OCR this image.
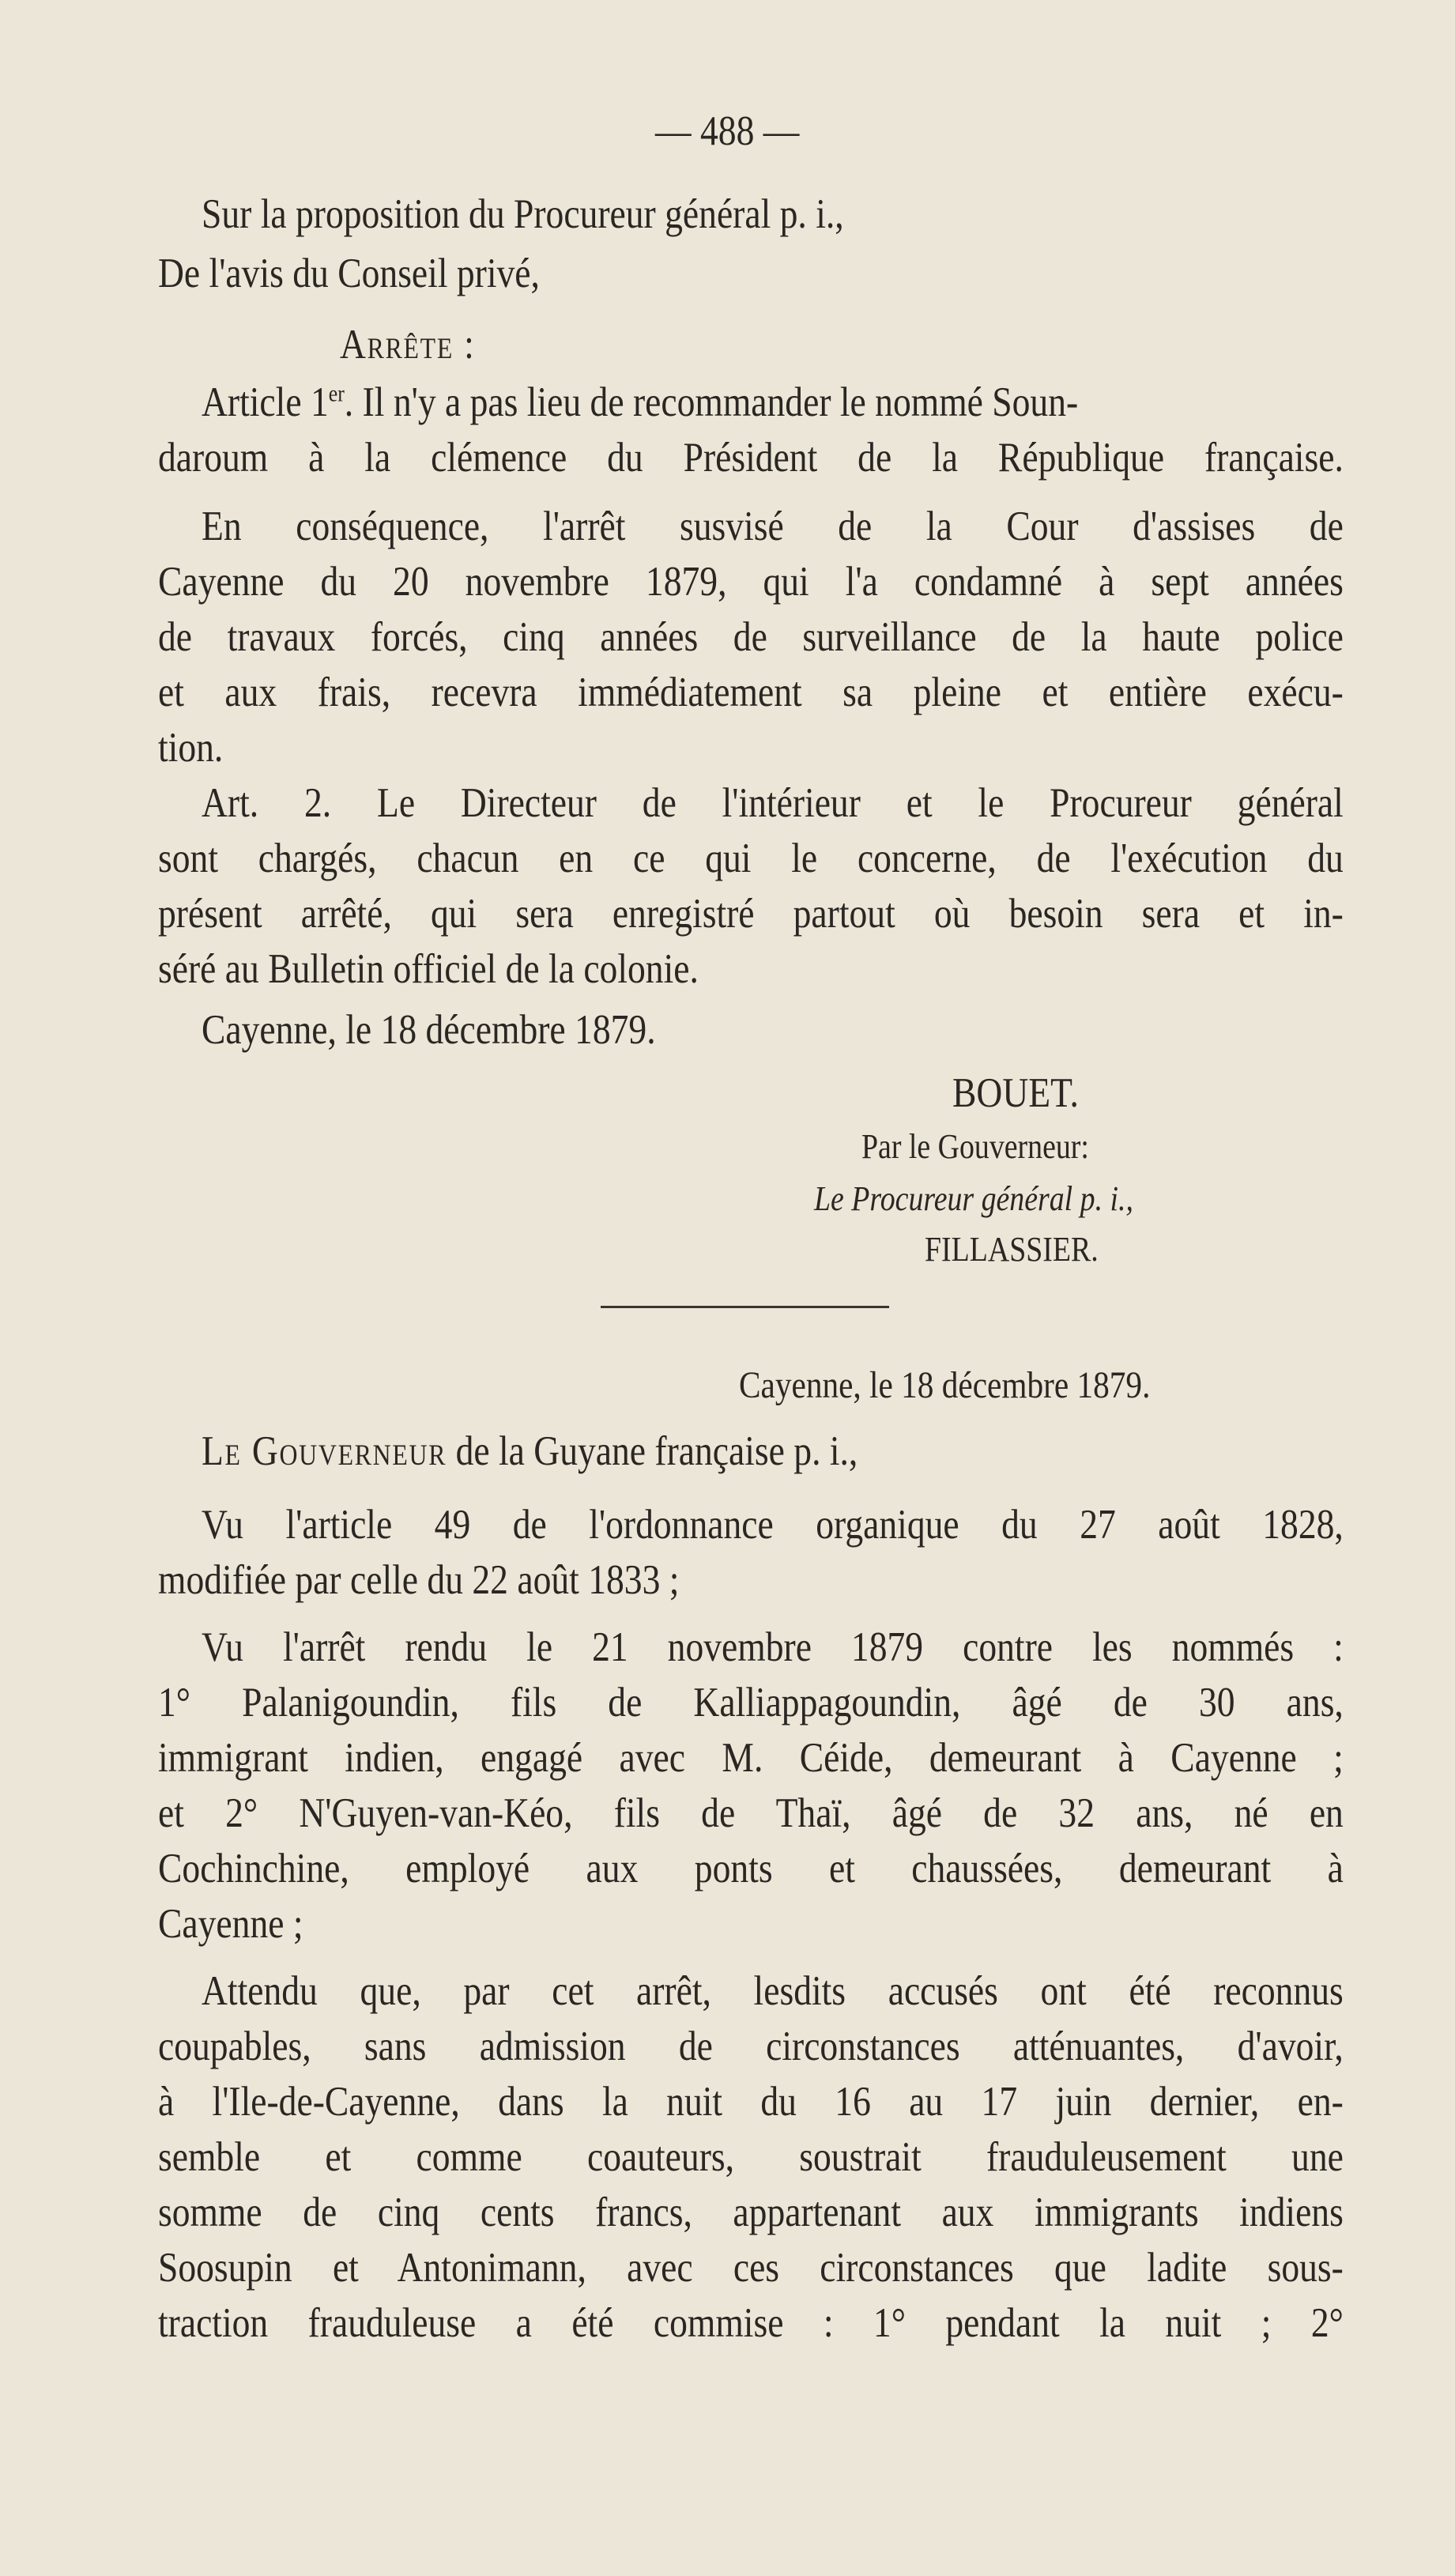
— 488 —
Sur la proposition du Procureur général p. i.,
De l'avis du Conseil privé,
Arrête :
Article 1er. Il n'y a pas lieu de recommander le nommé Soun-
daroum à la clémence du Président de la République française.
En conséquence, l'arrêt susvisé de la Cour d'assises de
Cayenne du 20 novembre 1879, qui l'a condamné à sept années
de travaux forcés, cinq années de surveillance de la haute police
et aux frais, recevra immédiatement sa pleine et entière exécu-
tion.
Art. 2. Le Directeur de l'intérieur et le Procureur général
sont chargés, chacun en ce qui le concerne, de l'exécution du
présent arrêté, qui sera enregistré partout où besoin sera et in-
séré au Bulletin officiel de la colonie.
Cayenne, le 18 décembre 1879.
BOUET.
Par le Gouverneur:
Le Procureur général p. i.,
FILLASSIER.
Cayenne, le 18 décembre 1879.
Le Gouverneur de la Guyane française p. i.,
Vu l'article 49 de l'ordonnance organique du 27 août 1828,
modifiée par celle du 22 août 1833 ;
Vu l'arrêt rendu le 21 novembre 1879 contre les nommés :
1° Palanigoundin, fils de Kalliappagoundin, âgé de 30 ans,
immigrant indien, engagé avec M. Céide, demeurant à Cayenne ;
et 2° N'Guyen-van-Kéo, fils de Thaï, âgé de 32 ans, né en
Cochinchine, employé aux ponts et chaussées, demeurant à
Cayenne ;
Attendu que, par cet arrêt, lesdits accusés ont été reconnus
coupables, sans admission de circonstances atténuantes, d'avoir,
à l'Ile-de-Cayenne, dans la nuit du 16 au 17 juin dernier, en-
semble et comme coauteurs, soustrait frauduleusement une
somme de cinq cents francs, appartenant aux immigrants indiens
Soosupin et Antonimann, avec ces circonstances que ladite sous-
traction frauduleuse a été commise : 1° pendant la nuit ; 2°
